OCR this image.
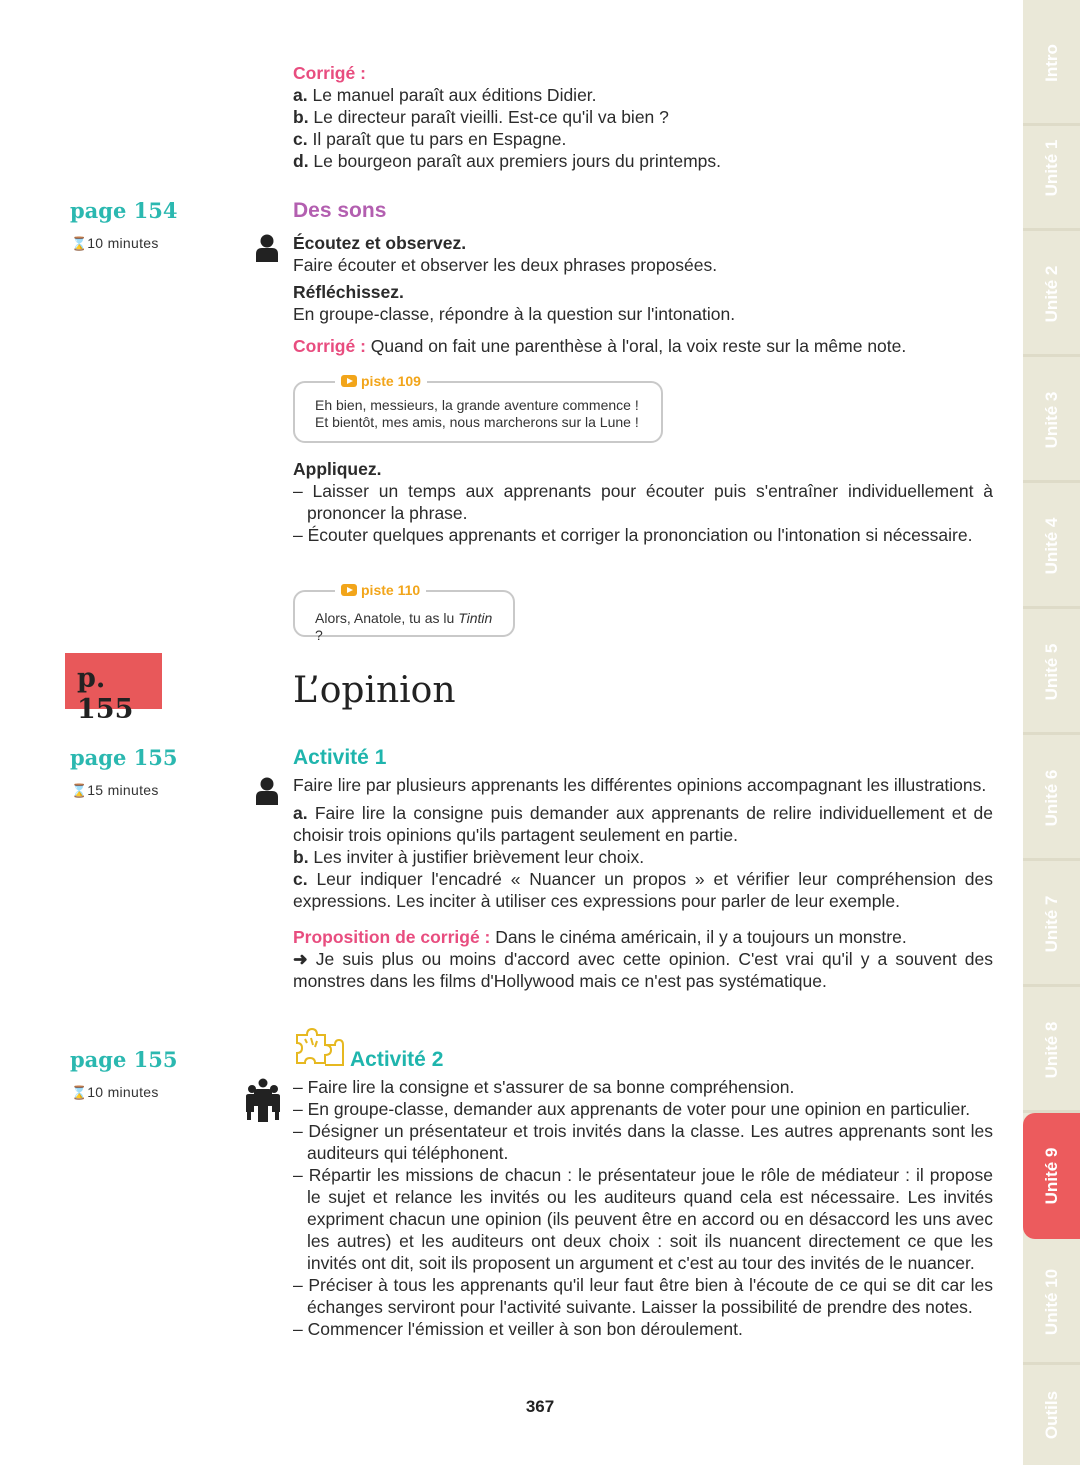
Intro
Unité 1
Unité 2
Unité 3
Unité 4
Unité 5
Unité 6
Unité 7
Unité 8
Unité 9
Unité 10
Outils
Corrigé :
a. Le manuel paraît aux éditions Didier.
b. Le directeur paraît vieilli. Est-ce qu'il va bien ?
c. Il paraît que tu pars en Espagne.
d. Le bourgeon paraît aux premiers jours du printemps.
page 154
⌛ 10 minutes
Des sons
Écoutez et observez.
Faire écouter et observer les deux phrases proposées.
Réfléchissez.
En groupe-classe, répondre à la question sur l'intonation.
Corrigé : Quand on fait une parenthèse à l'oral, la voix reste sur la même note.
piste 109
Eh bien, messieurs, la grande aventure commence !
Et bientôt, mes amis, nous marcherons sur la Lune !
Appliquez.
– Laisser un temps aux apprenants pour écouter puis s'entraîner individuellement à prononcer la phrase.
– Écouter quelques apprenants et corriger la prononciation ou l'intonation si nécessaire.
piste 110
Alors, Anatole, tu as lu Tintin ?
p. 155	L’opinion
page 155
⌛ 15 minutes
Activité 1
Faire lire par plusieurs apprenants les différentes opinions accompagnant les illustrations.
a. Faire lire la consigne puis demander aux apprenants de relire individuellement et de choisir trois opinions qu'ils partagent seulement en partie.
b. Les inviter à justifier brièvement leur choix.
c. Leur indiquer l'encadré « Nuancer un propos » et vérifier leur compréhension des expressions. Les inciter à utiliser ces expressions pour parler de leur exemple.
Proposition de corrigé : Dans le cinéma américain, il y a toujours un monstre.
➜ Je suis plus ou moins d'accord avec cette opinion. C'est vrai qu'il y a souvent des monstres dans les films d'Hollywood mais ce n'est pas systématique.
page 155
⌛ 10 minutes
Activité 2
– Faire lire la consigne et s'assurer de sa bonne compréhension.
– En groupe-classe, demander aux apprenants de voter pour une opinion en particulier.
– Désigner un présentateur et trois invités dans la classe. Les autres apprenants sont les auditeurs qui téléphonent.
– Répartir les missions de chacun : le présentateur joue le rôle de médiateur : il propose le sujet et relance les invités ou les auditeurs quand cela est nécessaire. Les invités expriment chacun une opinion (ils peuvent être en accord ou en désaccord les uns avec les autres) et les auditeurs ont deux choix : soit ils nuancent directement ce que les invités ont dit, soit ils proposent un argument et c'est au tour des invités de le nuancer.
– Préciser à tous les apprenants qu'il leur faut être bien à l'écoute de ce qui se dit car les échanges serviront pour l'activité suivante. Laisser la possibilité de prendre des notes.
– Commencer l'émission et veiller à son bon déroulement.
367
